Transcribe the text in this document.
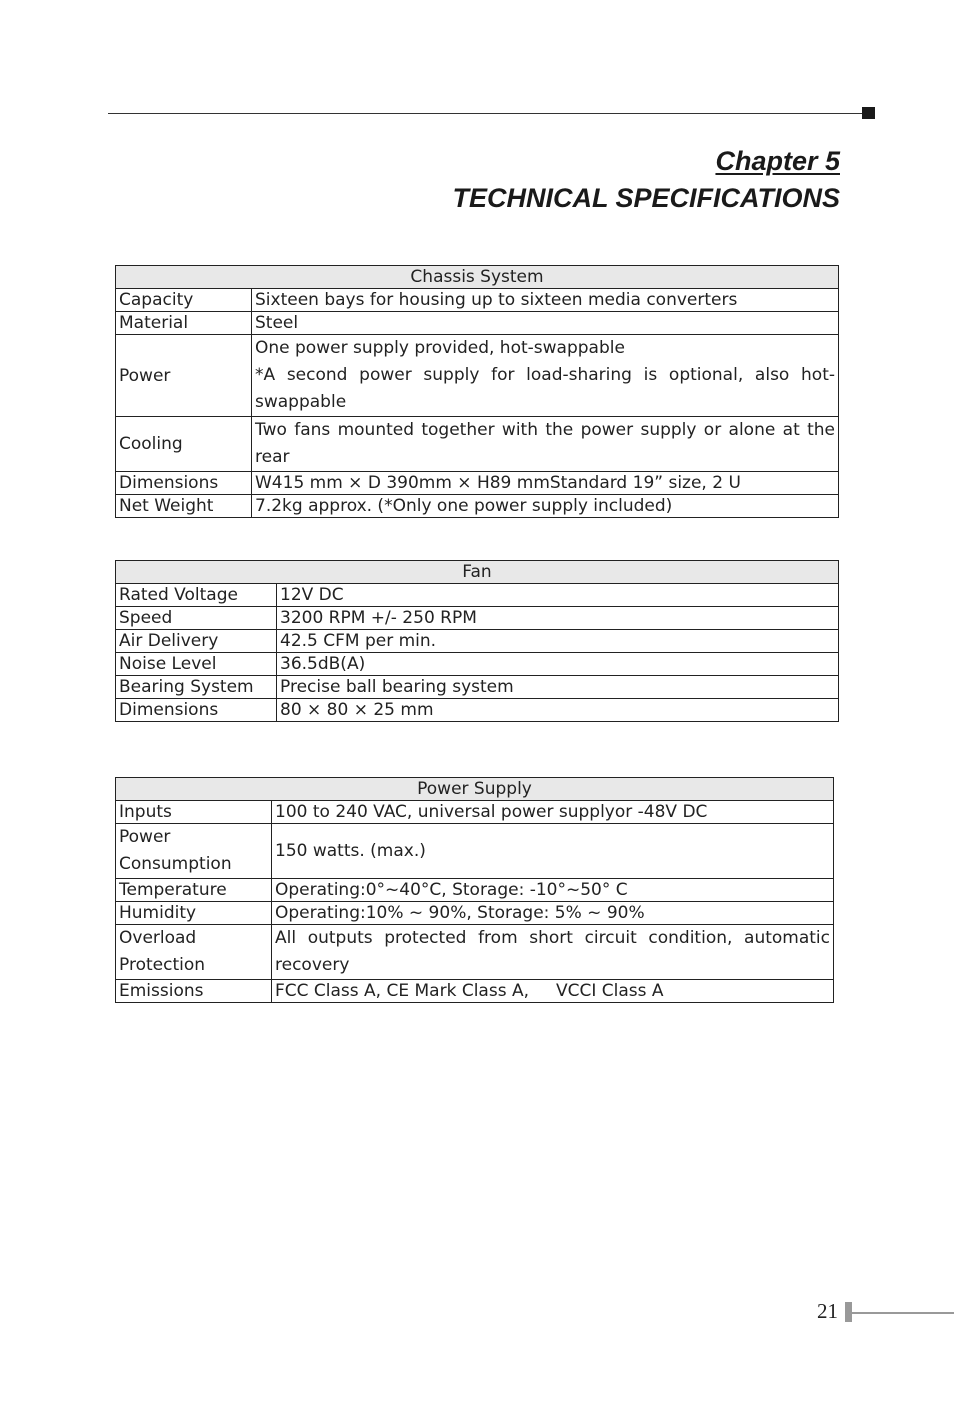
Chapter 5
TECHNICAL SPECIFICATIONS
Chassis System	
Capacity	Sixteen bays for housing up to sixteen media converters
Material	Steel
Power	One power supply provided, hot-swappable
*A second power supply for load-sharing is optional, also hot-swappable

Cooling	Two fans mounted together with the power supply or alone at the rear
Dimensions	W415 mm × D 390mm × H89 mmStandard 19” size, 2 U
Net Weight	7.2kg approx. (*Only one power supply included)
Fan	
Rated Voltage	12V DC
Speed	3200 RPM +/- 250 RPM
Air Delivery	42.5 CFM per min.
Noise Level	36.5dB(A)
Bearing System	Precise ball bearing system
Dimensions	80 × 80 × 25 mm
Power Supply	
Inputs	100 to 240 VAC, universal power supplyor -48V DC
Power Consumption	150 watts. (max.)
Temperature	Operating:0°~40°C, Storage: -10°~50° C
Humidity	Operating:10% ~ 90%, Storage: 5% ~ 90%
Overload Protection	All outputs protected from short circuit condition, automatic recovery
Emissions	FCC Class A, CE Mark Class A,     VCCI Class A
21
